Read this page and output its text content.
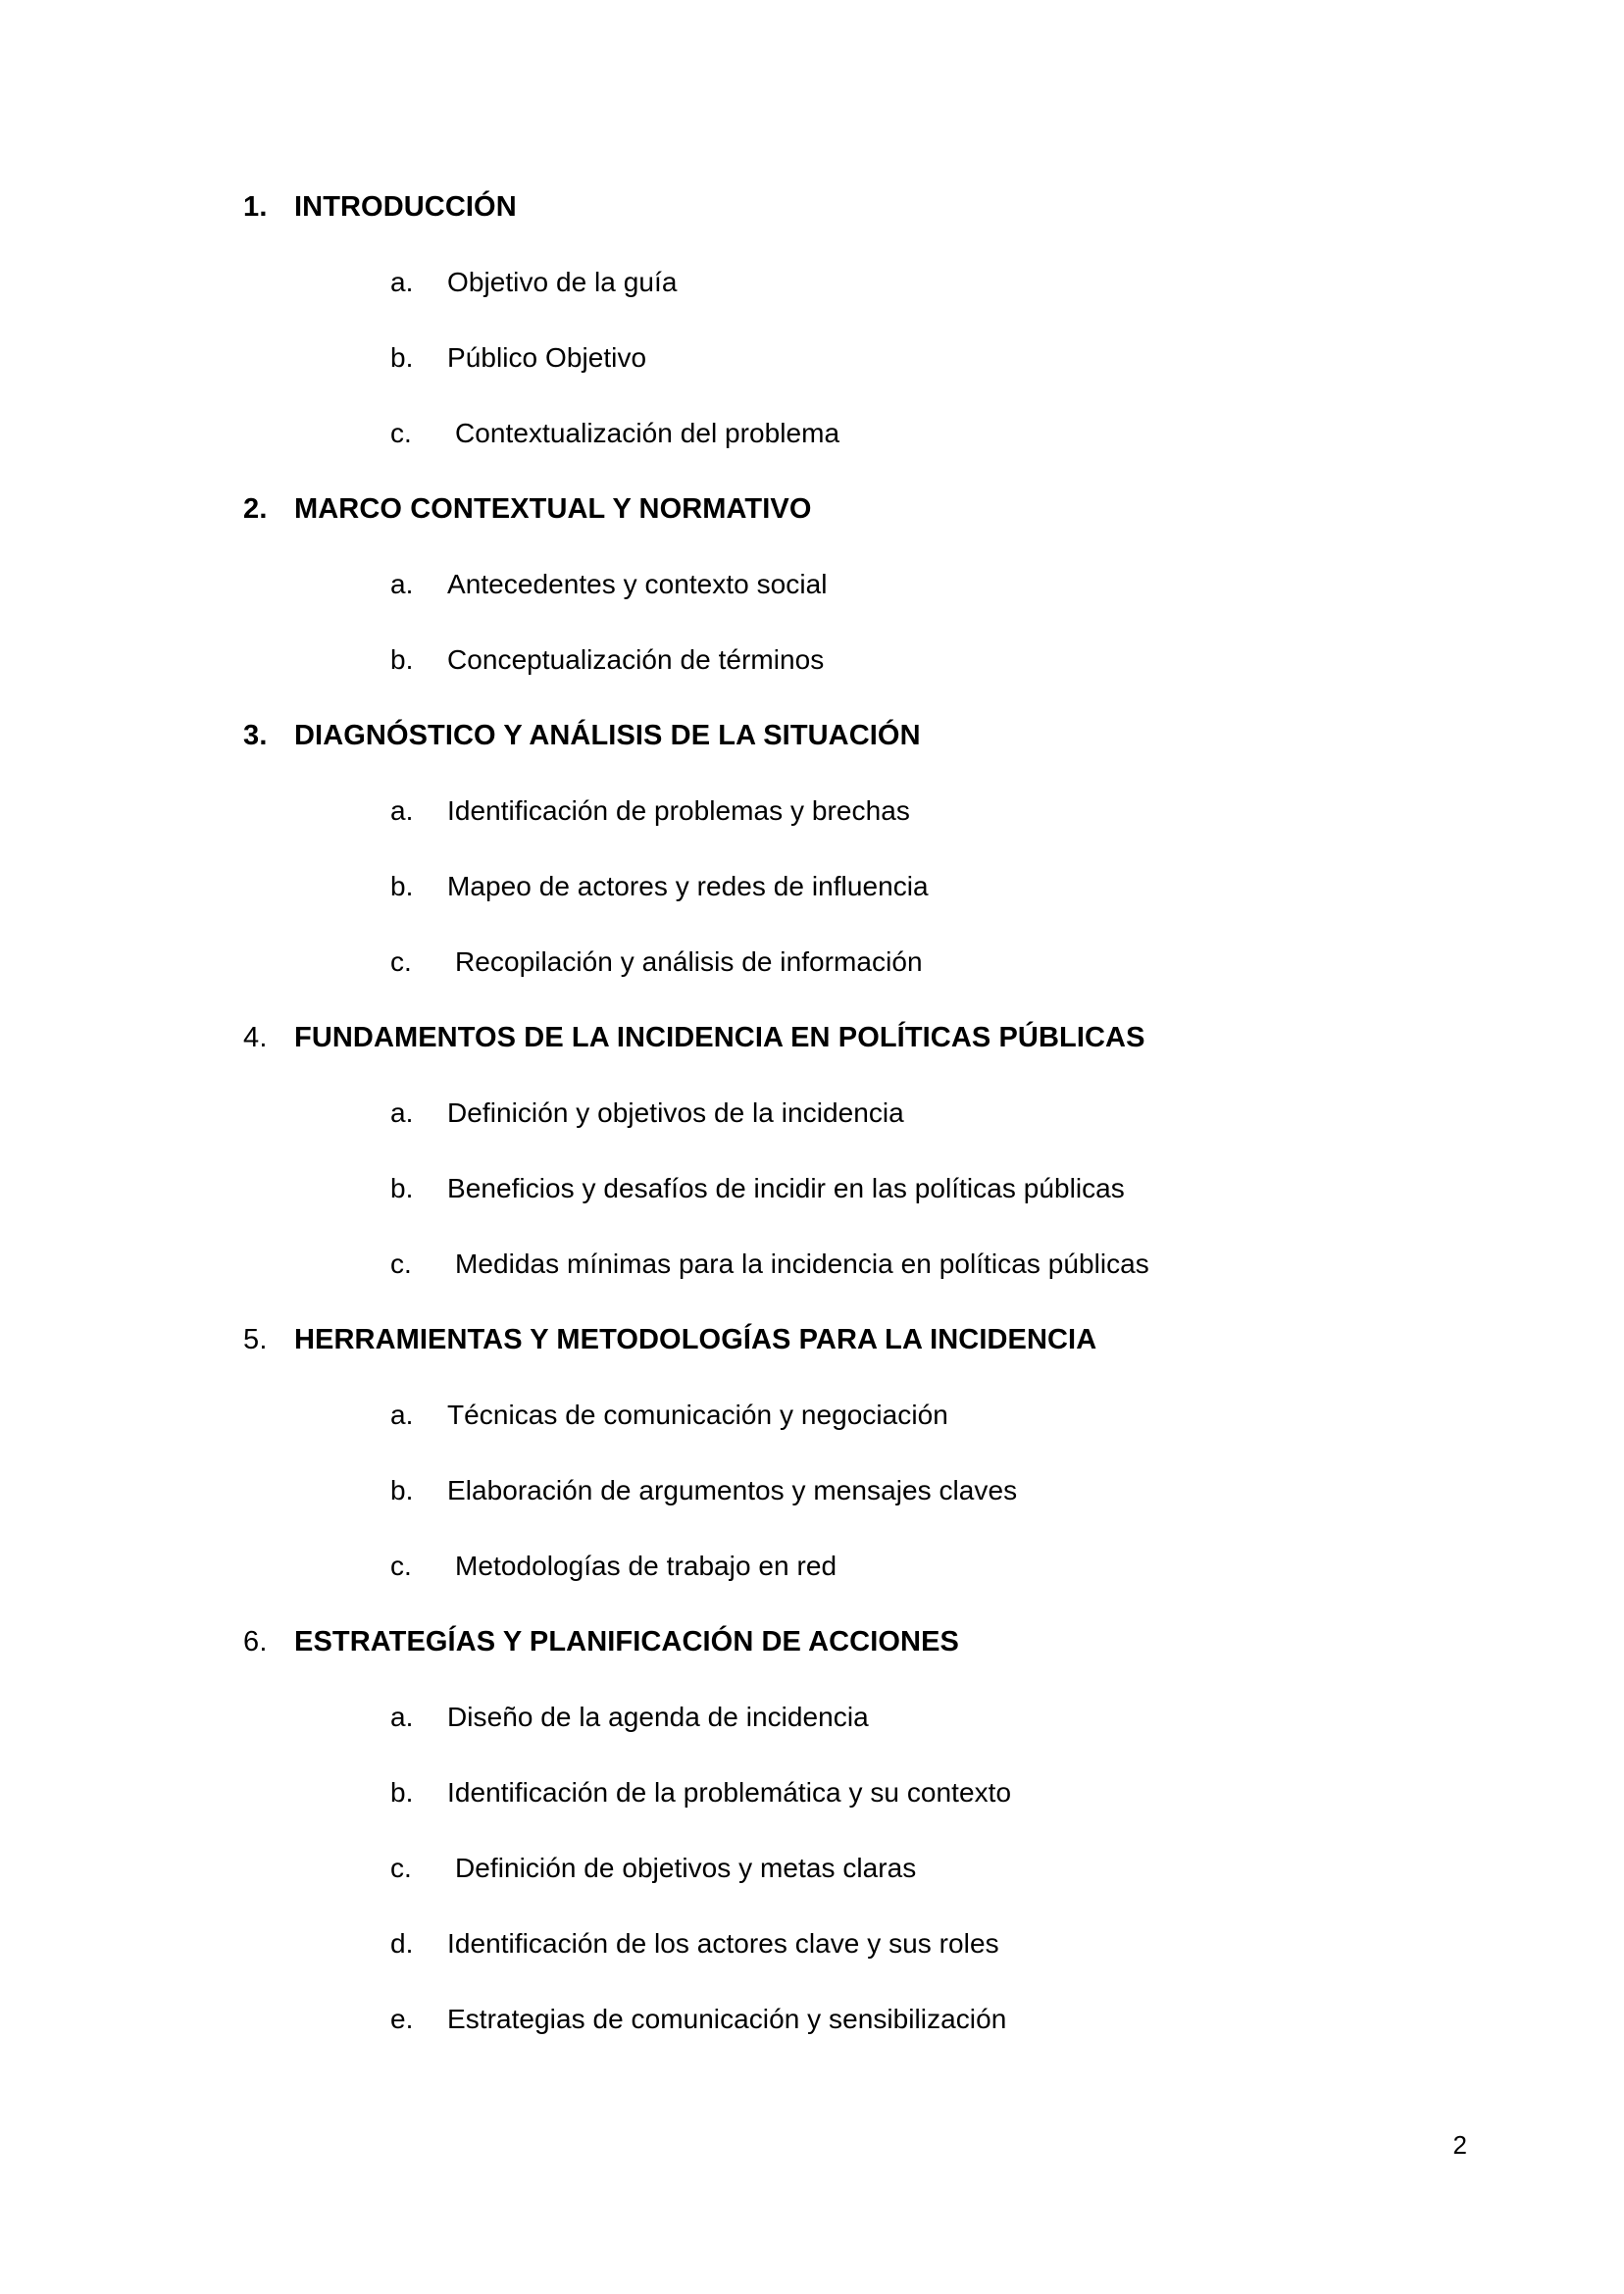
1. INTRODUCCIÓN
a.	Objetivo de la guía
b.	Público Objetivo
c.	Contextualización del problema
2. MARCO CONTEXTUAL Y NORMATIVO
a.	Antecedentes y contexto social
b.	Conceptualización de términos
3. DIAGNÓSTICO Y ANÁLISIS DE LA SITUACIÓN
a.	Identificación de problemas y brechas
b.	Mapeo de actores y redes de influencia
c.	Recopilación y análisis de información
4. FUNDAMENTOS DE LA INCIDENCIA EN POLÍTICAS PÚBLICAS
a.	Definición y objetivos de la incidencia
b.	Beneficios y desafíos de incidir en las políticas públicas
c.	Medidas mínimas para la incidencia en políticas públicas
5. HERRAMIENTAS Y METODOLOGÍAS PARA LA INCIDENCIA
a.	Técnicas de comunicación y negociación
b.	Elaboración de argumentos y mensajes claves
c.	Metodologías de trabajo en red
6. ESTRATEGÍAS Y PLANIFICACIÓN DE ACCIONES
a.	Diseño de la agenda de incidencia
b.	Identificación de la problemática y su contexto
c.	Definición de objetivos y metas claras
d.	Identificación de los actores clave y sus roles
e.	Estrategias de comunicación y sensibilización
2
